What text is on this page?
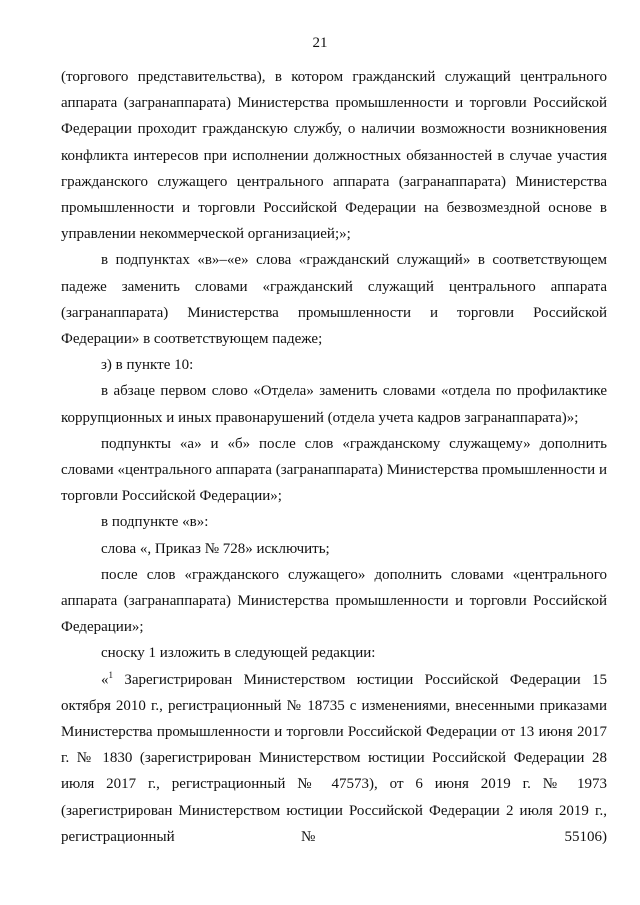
21

(торгового представительства), в котором гражданский служащий центрального аппарата (загранаппарата) Министерства промышленности и торговли Российской Федерации проходит гражданскую службу, о наличии возможности возникновения конфликта интересов при исполнении должностных обязанностей в случае участия гражданского служащего центрального аппарата (загранаппарата) Министерства промышленности и торговли Российской Федерации на безвозмездной основе в управлении некоммерческой организацией;»;

в подпунктах «в»–«е» слова «гражданский служащий» в соответствующем падеже заменить словами «гражданский служащий центрального аппарата (загранаппарата) Министерства промышленности и торговли Российской Федерации» в соответствующем падеже;

з) в пункте 10:

в абзаце первом слово «Отдела» заменить словами «отдела по профилактике коррупционных и иных правонарушений (отдела учета кадров загранаппарата)»;

подпункты «а» и «б» после слов «гражданскому служащему» дополнить словами «центрального аппарата (загранаппарата) Министерства промышленности и торговли Российской Федерации»;

в подпункте «в»:

слова «, Приказ № 728» исключить;

после слов «гражданского служащего» дополнить словами «центрального аппарата (загранаппарата) Министерства промышленности и торговли Российской Федерации»;

сноску 1 изложить в следующей редакции:

«$^1$ Зарегистрирован Министерством юстиции Российской Федерации 15 октября 2010 г., регистрационный № 18735 с изменениями, внесенными приказами Министерства промышленности и торговли Российской Федерации от 13 июня 2017 г. № 1830 (зарегистрирован Министерством юстиции Российской Федерации 28 июля 2017 г., регистрационный № 47573), от 6 июня 2019 г. № 1973 (зарегистрирован Министерством юстиции Российской Федерации 2 июля 2019 г., регистрационный № 55106)
